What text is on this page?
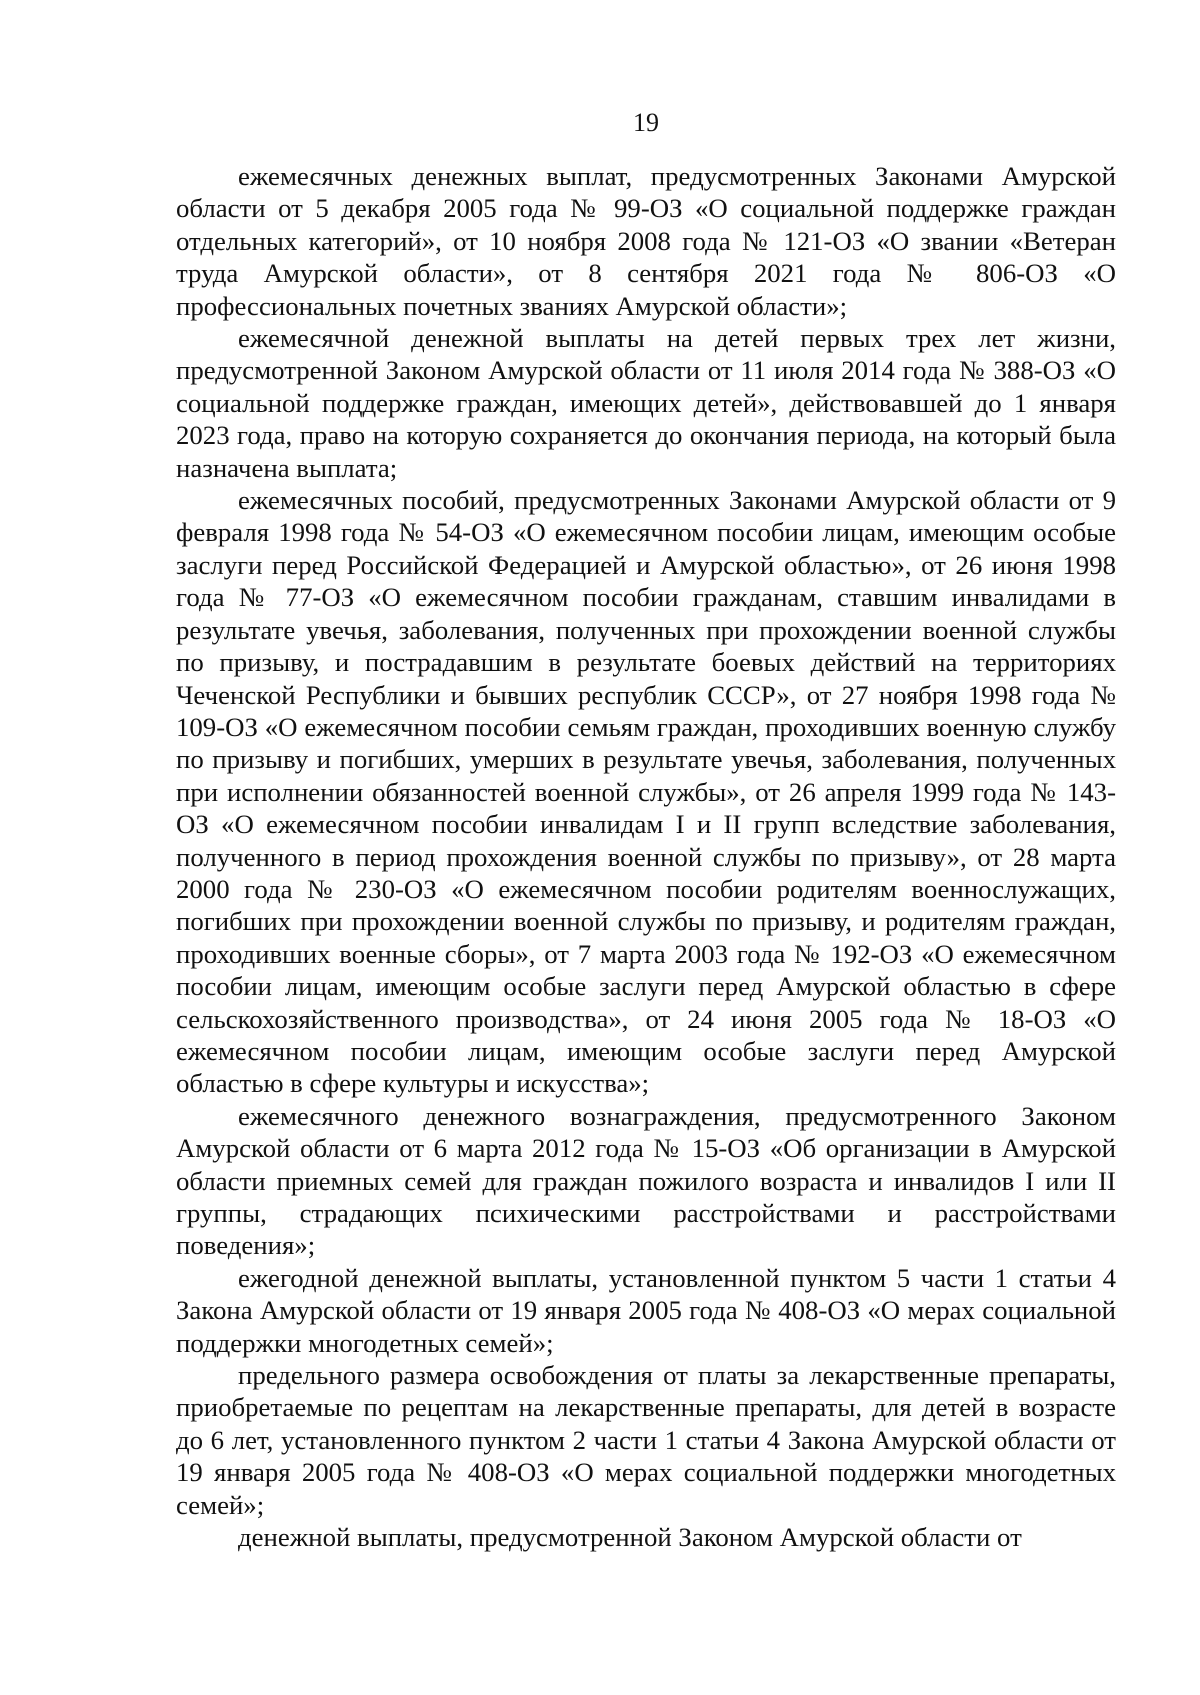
19

ежемесячных денежных выплат, предусмотренных Законами Амурской области от 5 декабря 2005 года № 99-ОЗ «О социальной поддержке граждан отдельных категорий», от 10 ноября 2008 года № 121-ОЗ «О звании «Ветеран труда Амурской области», от 8 сентября 2021 года № 806-ОЗ «О профессиональных почетных званиях Амурской области»;

ежемесячной денежной выплаты на детей первых трех лет жизни, предусмотренной Законом Амурской области от 11 июля 2014 года № 388-ОЗ «О социальной поддержке граждан, имеющих детей», действовавшей до 1 января 2023 года, право на которую сохраняется до окончания периода, на который была назначена выплата;

ежемесячных пособий, предусмотренных Законами Амурской области от 9 февраля 1998 года № 54-ОЗ «О ежемесячном пособии лицам, имеющим особые заслуги перед Российской Федерацией и Амурской областью», от 26 июня 1998 года № 77-ОЗ «О ежемесячном пособии гражданам, ставшим инвалидами в результате увечья, заболевания, полученных при прохождении военной службы по призыву, и пострадавшим в результате боевых действий на территориях Чеченской Республики и бывших республик СССР», от 27 ноября 1998 года № 109-ОЗ «О ежемесячном пособии семьям граждан, проходивших военную службу по призыву и погибших, умерших в результате увечья, заболевания, полученных при исполнении обязанностей военной службы», от 26 апреля 1999 года № 143-ОЗ «О ежемесячном пособии инвалидам I и II групп вследствие заболевания, полученного в период прохождения военной службы по призыву», от 28 марта 2000 года № 230-ОЗ «О ежемесячном пособии родителям военнослужащих, погибших при прохождении военной службы по призыву, и родителям граждан, проходивших военные сборы», от 7 марта 2003 года № 192-ОЗ «О ежемесячном пособии лицам, имеющим особые заслуги перед Амурской областью в сфере сельскохозяйственного производства», от 24 июня 2005 года № 18-ОЗ «О ежемесячном пособии лицам, имеющим особые заслуги перед Амурской областью в сфере культуры и искусства»;

ежемесячного денежного вознаграждения, предусмотренного Законом Амурской области от 6 марта 2012 года № 15-ОЗ «Об организации в Амурской области приемных семей для граждан пожилого возраста и инвалидов I или II группы, страдающих психическими расстройствами и расстройствами поведения»;

ежегодной денежной выплаты, установленной пунктом 5 части 1 статьи 4 Закона Амурской области от 19 января 2005 года № 408-ОЗ «О мерах социальной поддержки многодетных семей»;

предельного размера освобождения от платы за лекарственные препараты, приобретаемые по рецептам на лекарственные препараты, для детей в возрасте до 6 лет, установленного пунктом 2 части 1 статьи 4 Закона Амурской области от 19 января 2005 года № 408-ОЗ «О мерах социальной поддержки многодетных семей»;

денежной выплаты, предусмотренной Законом Амурской области от
